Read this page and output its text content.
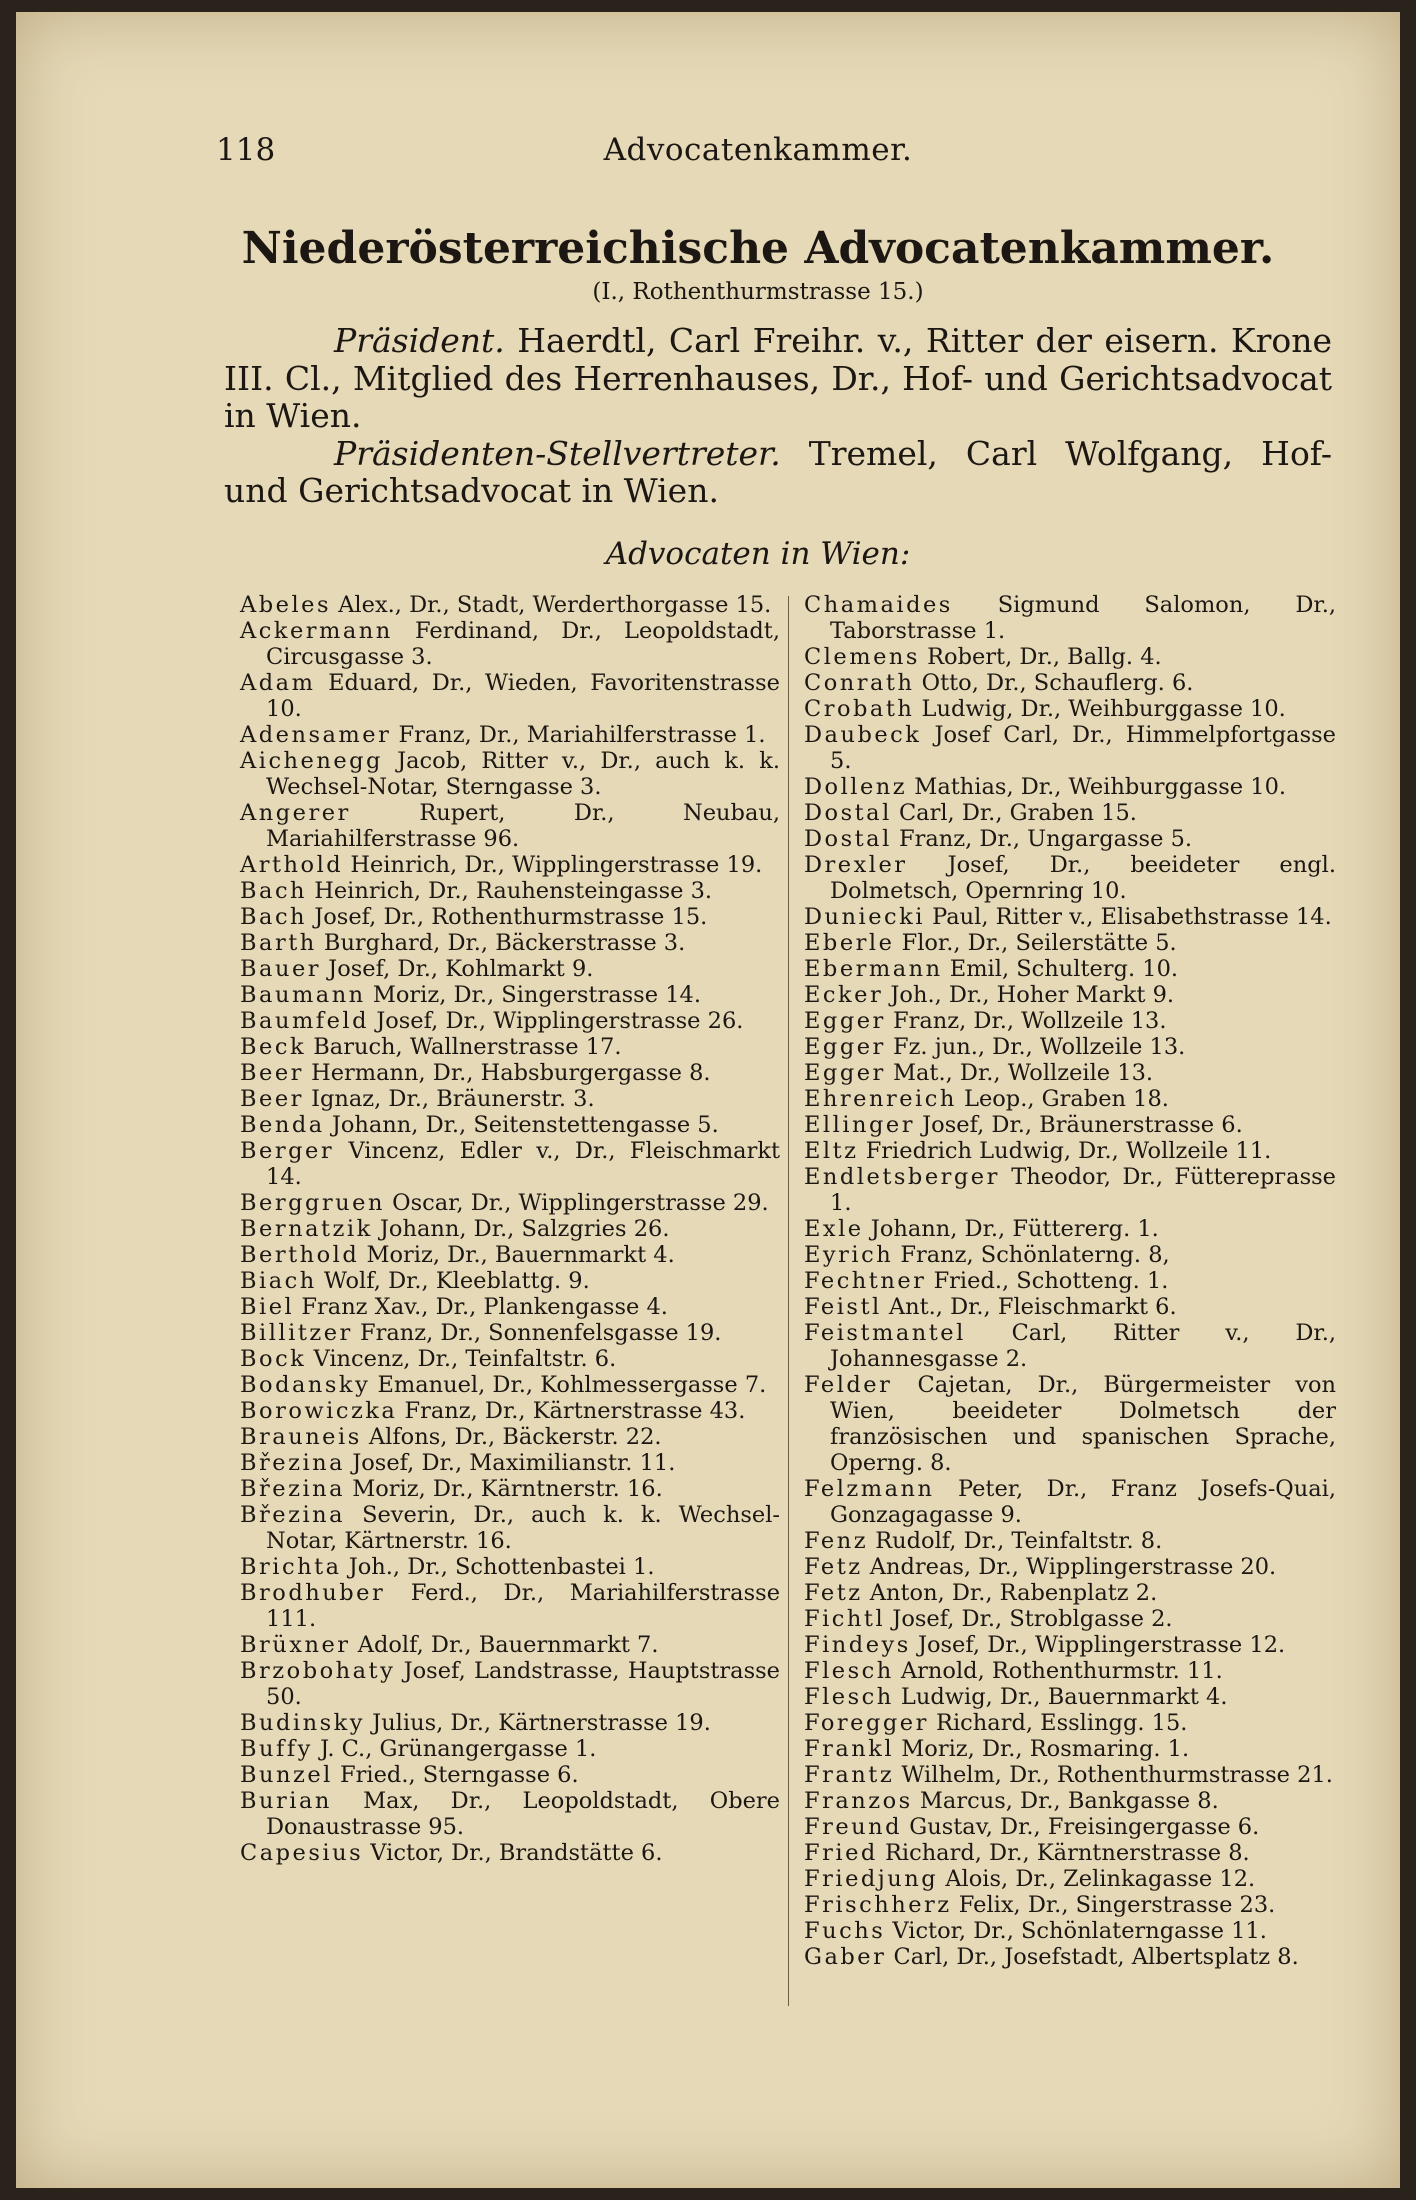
118	Advocatenkammer.
Niederösterreichische Advocatenkammer.
(I., Rothenthurmstrasse 15.)

Präsident. Haerdtl, Carl Freihr. v., Ritter der eisern. Krone III. Cl., Mitglied des Herrenhauses, Dr., Hof- und Gerichtsadvocat in Wien.

Präsidenten-Stellvertreter. Tremel, Carl Wolfgang, Hof- und Gerichtsadvocat in Wien.

Advocaten in Wien:

Abeles Alex., Dr., Stadt, Werderthorgasse 15.

Ackermann Ferdinand, Dr., Leopoldstadt, Circusgasse 3.

Adam Eduard, Dr., Wieden, Favoritenstrasse 10.

Adensamer Franz, Dr., Mariahilferstrasse 1.

Aichenegg Jacob, Ritter v., Dr., auch k. k. Wechsel-Notar, Sterngasse 3.

Angerer	Rupert, Dr., Neubau, Mariahilferstrasse 96.

Arthold Heinrich, Dr., Wipplingerstrasse 19.

Bach Heinrich, Dr., Rauhensteingasse 3.

Bach Josef, Dr., Rothenthurmstrasse 15.

Barth Burghard, Dr., Bäckerstrasse 3.

Bauer Josef, Dr., Kohlmarkt 9.

Baumann Moriz, Dr., Singerstrasse 14.

Baumfeld Josef, Dr., Wipplingerstrasse 26.

Beck Baruch, Wallnerstrasse 17.

Beer Hermann, Dr., Habsburgergasse 8.

Beer Ignaz, Dr., Bräunerstr. 3.

Benda Johann, Dr., Seitenstettengasse 5.

Berger Vincenz, Edler v., Dr., Fleischmarkt 14.

Berggruen Oscar, Dr., Wipplingerstrasse 29.

Bernatzik Johann, Dr., Salzgries 26.

Berthold Moriz, Dr., Bauernmarkt 4.

Biach Wolf, Dr., Kleeblattg. 9.

Biel Franz Xav., Dr., Plankengasse 4.

Billitzer Franz, Dr., Sonnenfelsgasse 19.

Bock Vincenz, Dr., Teinfaltstr. 6.

Bodansky Emanuel, Dr., Kohlmessergasse 7.

Borowiczka Franz, Dr., Kärtnerstrasse 43.

Brauneis Alfons, Dr., Bäckerstr. 22.

Březina Josef, Dr., Maximilianstr. 11.

Březina Moriz, Dr., Kärntnerstr. 16.

Březina Severin, Dr., auch k. k. Wechsel-Notar, Kärtnerstr. 16.

Brichta Joh., Dr., Schottenbastei 1.

Brodhuber Ferd., Dr., Mariahilferstrasse 111.

Brüxner Adolf, Dr., Bauernmarkt 7.

Brzobohaty Josef, Landstrasse, Hauptstrasse 50.

Budinsky Julius, Dr., Kärtnerstrasse 19.

Buffy J. C., Grünangergasse 1.

Bunzel Fried., Sterngasse 6.

Burian Max, Dr., Leopoldstadt, Obere Donaustrasse 95.

Capesius Victor, Dr., Brandstätte 6.

Chamaides Sigmund Salomon, Dr., Taborstrasse 1.

Clemens Robert, Dr., Ballg. 4.

Conrath Otto, Dr., Schauflerg. 6.

Crobath Ludwig, Dr., Weihburggasse 10.

Daubeck Josef Carl, Dr., Himmelpfortgasse 5.

Dollenz Mathias, Dr., Weihburggasse 10.

Dostal Carl, Dr., Graben 15.

Dostal Franz, Dr., Ungargasse 5.

Drexler Josef, Dr., beeideter engl. Dolmetsch, Opernring 10.

Duniecki Paul, Ritter v., Elisabethstrasse 14.

Eberle Flor., Dr., Seilerstätte 5.

Ebermann Emil, Schulterg. 10.

Ecker Joh., Dr., Hoher Markt 9.

Egger Franz, Dr., Wollzeile 13.

Egger Fz. jun., Dr., Wollzeile 13.

Egger Mat., Dr., Wollzeile 13.

Ehrenreich Leop., Graben 18.

Ellinger Josef, Dr., Bräunerstrasse 6.

Eltz Friedrich Ludwig, Dr., Wollzeile 11.

Endletsberger Theodor, Dr., Füttereргasse 1.

Exle Johann, Dr., Füttererg. 1.

Eyrich Franz, Schönlaterng. 8,

Fechtner Fried., Schotteng. 1.

Feistl Ant., Dr., Fleischmarkt 6.

Feistmantel Carl, Ritter v., Dr., Johannesgasse 2.

Felder Cajetan, Dr., Bürgermeister von Wien, beeideter Dolmetsch der französischen und spanischen Sprache, Operng. 8.

Felzmann Peter, Dr., Franz Josefs-Quai, Gonzagagasse 9.

Fenz Rudolf, Dr., Teinfaltstr. 8.

Fetz Andreas, Dr., Wipplingerstrasse 20.

Fetz Anton, Dr., Rabenplatz 2.

Fichtl Josef, Dr., Stroblgasse 2.

Findeys Josef, Dr., Wipplingerstrasse 12.

Flesch Arnold, Rothenthurmstr. 11.

Flesch Ludwig, Dr., Bauernmarkt 4.

Foregger Richard, Esslingg. 15.

Frankl Moriz, Dr., Rosmaring. 1.

Frantz Wilhelm, Dr., Rothenthurmstrasse 21.

Franzos Marcus, Dr., Bankgasse 8.

Freund Gustav, Dr., Freisingergasse 6.

Fried Richard, Dr., Kärntnerstrasse 8.

Friedjung Alois, Dr., Zelinkagasse 12.

Frischherz Felix, Dr., Singerstrasse 23.

Fuchs Victor, Dr., Schönlaterngasse 11.

Gaber Carl, Dr., Josefstadt, Albertsplatz 8.
